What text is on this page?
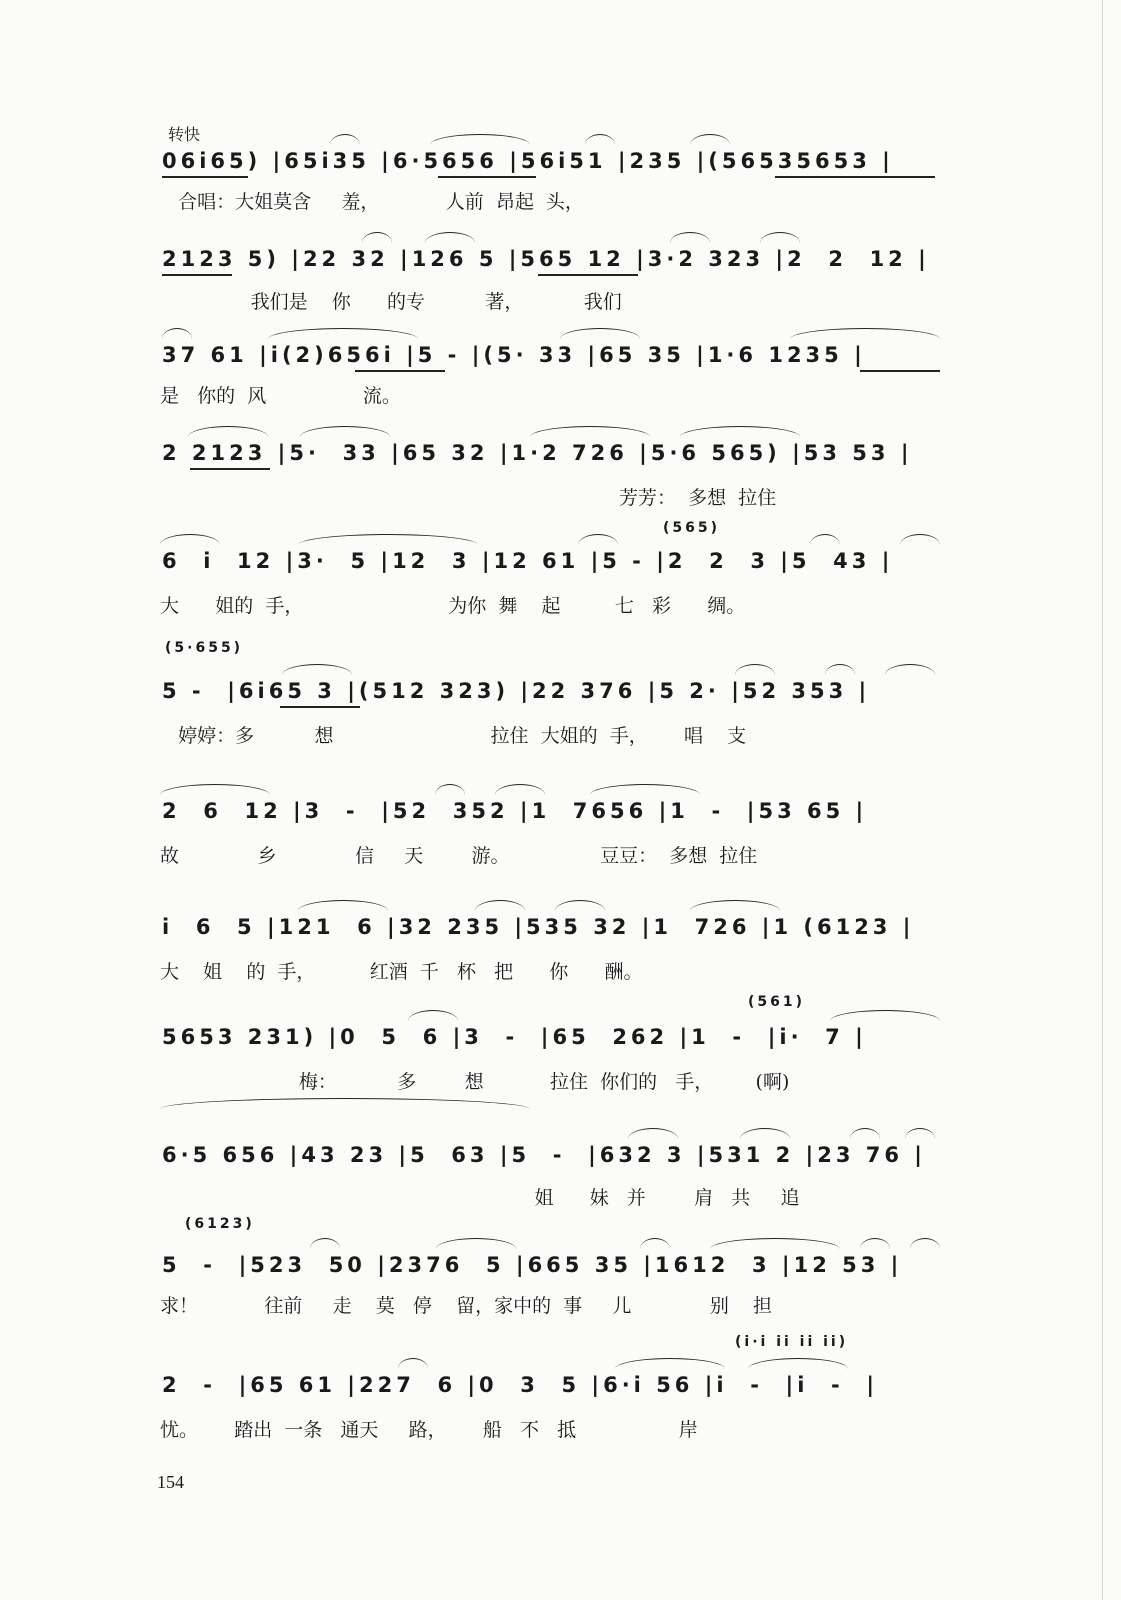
转快
06i65) |65i35 |6·5656 |56i51 |235 |(56535653 |
合唱：大姐莫含     羞，           人前  昂起  头，
2123 5) |22 32 |126 5 |565 12 |3·2 323 |2  2  12 |
我们是    你      的专          著，          我们
37 61 |i(2)656i |5 - |(5· 33 |65 35 |1·6 1235 |
是   你的  风                流。
2 2123 |5·  33 |65 32 |1·2 726 |5·6 565) |53 53 |
芳芳：  多想  拉住
(565)
6  i  12 |3·  5 |12  3 |12 61 |5 - |2  2  3 |5  43 |
大      姐的  手，                        为你  舞    起         七   彩      绸。
(5·655)
5 -  |6i65 3 |(512 323) |22 376 |5 2· |52 353 |
婷婷：多          想                          拉住  大姐的  手，      唱    支
2  6  12 |3  -  |52  352 |1  7656 |1  -  |53 65 |
故             乡             信     天        游。               豆豆：  多想  拉住
i  6  5 |121  6 |32 235 |535 32 |1  726 |1 (6123 |
大    姐    的  手，         红酒  千   杯   把      你      酬。
(561)
5653 231) |0  5  6 |3  -  |65  262 |1  -  |i·  7 |
梅：          多        想           拉住  你们的   手，       (啊)
6·5 656 |43 23 |5  63 |5  -  |632 3 |531 2 |23 76 |
姐      妹   并        肩   共     追
(6123)
5  -  |523  50 |2376  5 |665 35 |1612  3 |12 53 |
求！           往前     走    莫   停    留，家中的  事     儿             别    担
(i·i ii ii ii)
2  -  |65 61 |227  6 |0  3  5 |6·i 56 |i  -  |i  -  |
忧。      踏出  一条   通天     路，      船   不   抵                 岸
154
